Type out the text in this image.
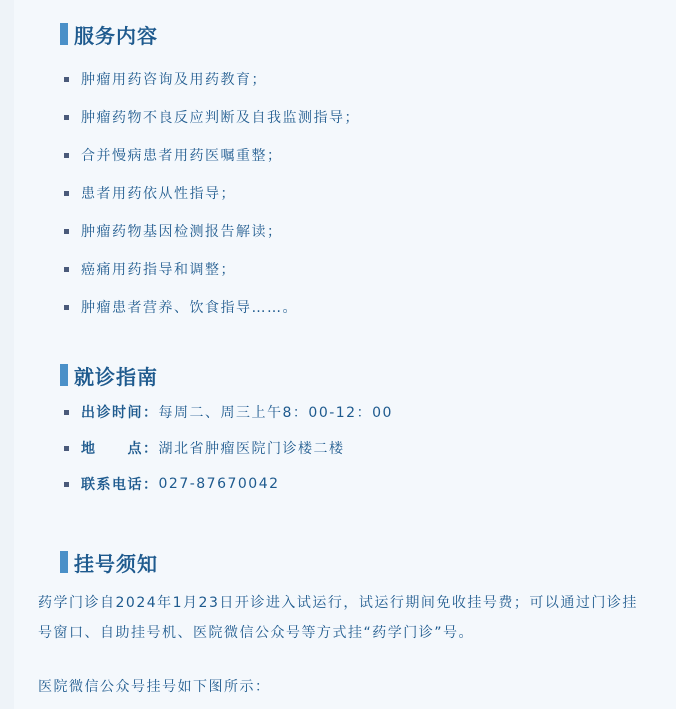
服务内容
肿瘤用药咨询及用药教育；
肿瘤药物不良反应判断及自我监测指导；
合并慢病患者用药医嘱重整；
患者用药依从性指导；
肿瘤药物基因检测报告解读；
癌痛用药指导和调整；
肿瘤患者营养、饮食指导……。
就诊指南
出诊时间： 每周二、周三上午8：00-12：00
地　　点： 湖北省肿瘤医院门诊楼二楼
联系电话： 027-87670042
挂号须知

药学门诊自2024年1月23日开诊进入试运行，试运行期间免收挂号费；可以通过门诊挂号窗口、自助挂号机、医院微信公众号等方式挂“药学门诊”号。

医院微信公众号挂号如下图所示：
